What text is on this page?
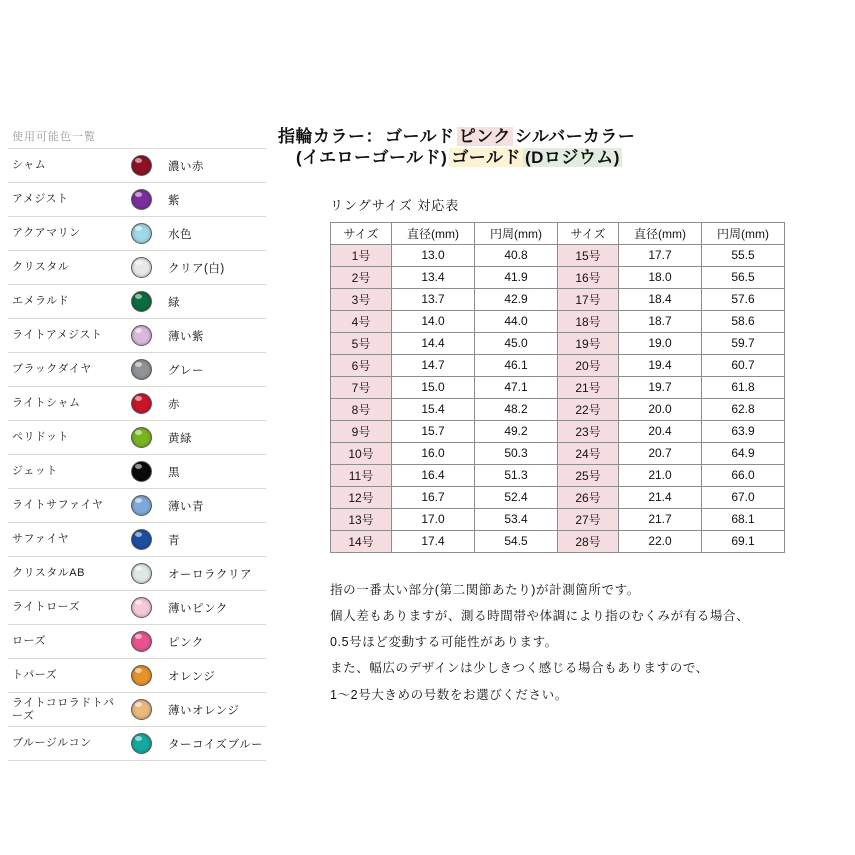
使用可能色一覧
シャム	濃い赤
アメジスト	紫
アクアマリン	水色
クリスタル	クリア(白)
エメラルド	緑
ライトアメジスト	薄い紫
ブラックダイヤ	グレー
ライトシャム	赤
ペリドット	黄緑
ジェット	黒
ライトサファイヤ	薄い青
サファイヤ	青
クリスタルAB	オーロラクリア
ライトローズ	薄いピンク
ローズ	ピンク
トパーズ	オレンジ
ライトコロラドトパーズ	薄いオレンジ
ブルージルコン	ターコイズブルー
指輪カラー： ゴールド ピンク シルバーカラー
(イエローゴールド) ゴールド (Dロジウム)
リングサイズ 対応表
サイズ	直径(mm)	円周(mm)	サイズ	直径(mm)	円周(mm)
1号	13.0	40.8	15号	17.7	55.5
2号	13.4	41.9	16号	18.0	56.5
3号	13.7	42.9	17号	18.4	57.6
4号	14.0	44.0	18号	18.7	58.6
5号	14.4	45.0	19号	19.0	59.7
6号	14.7	46.1	20号	19.4	60.7
7号	15.0	47.1	21号	19.7	61.8
8号	15.4	48.2	22号	20.0	62.8
9号	15.7	49.2	23号	20.4	63.9
10号	16.0	50.3	24号	20.7	64.9
11号	16.4	51.3	25号	21.0	66.0
12号	16.7	52.4	26号	21.4	67.0
13号	17.0	53.4	27号	21.7	68.1
14号	17.4	54.5	28号	22.0	69.1
指の一番太い部分(第二関節あたり)が計測箇所です。
個人差もありますが、測る時間帯や体調により指のむくみが有る場合、
0.5号ほど変動する可能性があります。
また、幅広のデザインは少しきつく感じる場合もありますので、
1～2号大きめの号数をお選びください。
